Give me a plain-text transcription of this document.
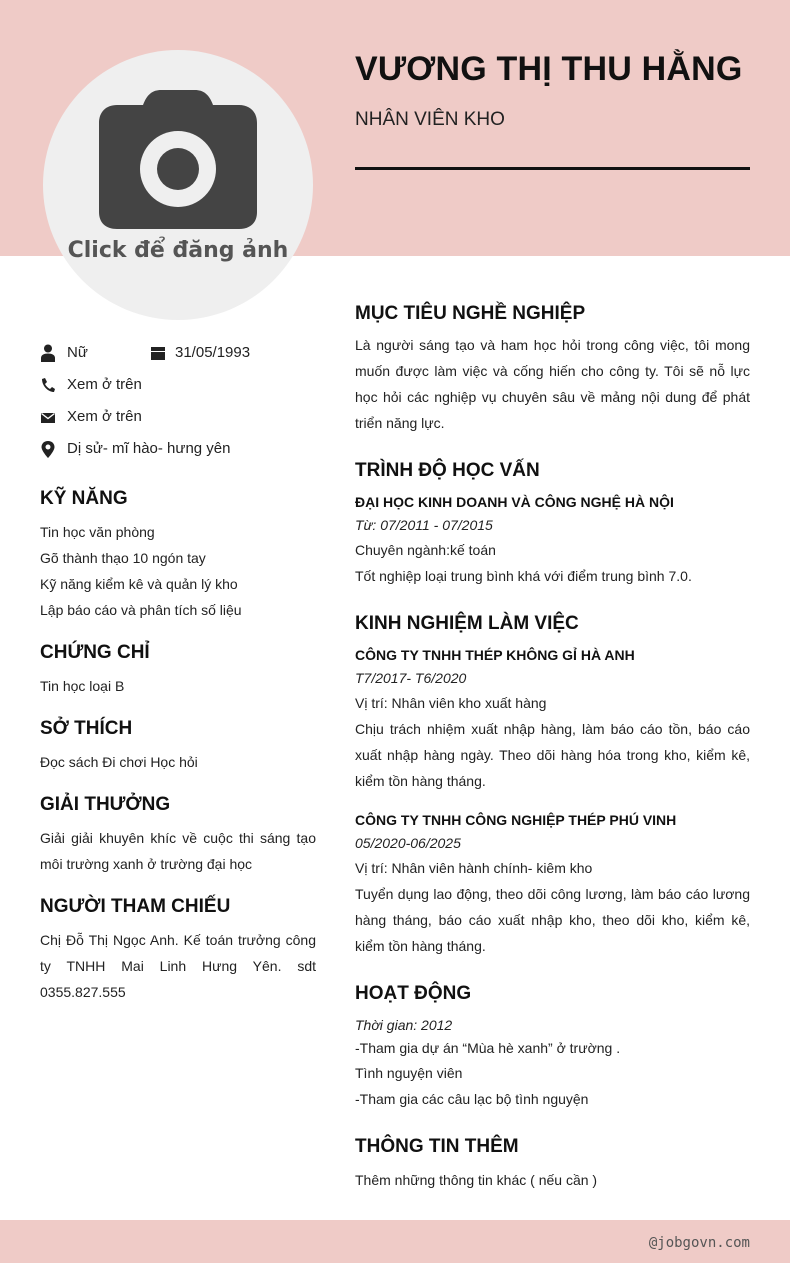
Click để đăng ảnh
VƯƠNG THỊ THU HẰNG
NHÂN VIÊN KHO
Nữ	31/05/1993
Xem ở trên
Xem ở trên
Dị sử- mĩ hào- hưng yên
KỸ NĂNG
Tin học văn phòng
Gõ thành thạo 10 ngón tay
Kỹ năng kiểm kê và quản lý kho
Lập báo cáo và phân tích số liệu
CHỨNG CHỈ
Tin học loại B
SỞ THÍCH
Đọc sách Đi chơi Học hỏi
GIẢI THƯỞNG
Giải giải khuyên khíc về cuộc thi sáng tạo môi trường xanh ở trường đại học
NGƯỜI THAM CHIẾU
Chị Đỗ Thị Ngọc Anh. Kế toán trưởng công ty TNHH Mai Linh Hưng Yên. sdt 0355.827.555
MỤC TIÊU NGHỀ NGHIỆP
Là người sáng tạo và ham học hỏi trong công việc, tôi mong muốn được làm việc và cống hiến cho công ty. Tôi sẽ nỗ lực học hỏi các nghiệp vụ chuyên sâu về mảng nội dung để phát triển năng lực.
TRÌNH ĐỘ HỌC VẤN
ĐẠI HỌC KINH DOANH VÀ CÔNG NGHỆ HÀ NỘI
Từ: 07/2011 - 07/2015
Chuyên ngành:kế toán
Tốt nghiệp loại trung bình khá với điểm trung bình 7.0.
KINH NGHIỆM LÀM VIỆC
CÔNG TY TNHH THÉP KHÔNG GỈ HÀ ANH
T7/2017- T6/2020
Vị trí: Nhân viên kho xuất hàng
Chịu trách nhiệm xuất nhập hàng, làm báo cáo tồn, báo cáo xuất nhập hàng ngày. Theo dõi hàng hóa trong kho, kiểm kê, kiểm tồn hàng tháng.
CÔNG TY TNHH CÔNG NGHIỆP THÉP PHÚ VINH
05/2020-06/2025
Vị trí: Nhân viên hành chính- kiêm kho
Tuyển dụng lao động, theo dõi công lương, làm báo cáo lương hàng tháng, báo cáo xuất nhập kho, theo dõi kho, kiểm kê, kiểm tồn hàng tháng.
HOẠT ĐỘNG
Thời gian: 2012
-Tham gia dự án “Mùa hè xanh” ở trường .
Tình nguyện viên
-Tham gia các câu lạc bộ tình nguyện
THÔNG TIN THÊM
Thêm những thông tin khác ( nếu cần )
@jobgovn.com
